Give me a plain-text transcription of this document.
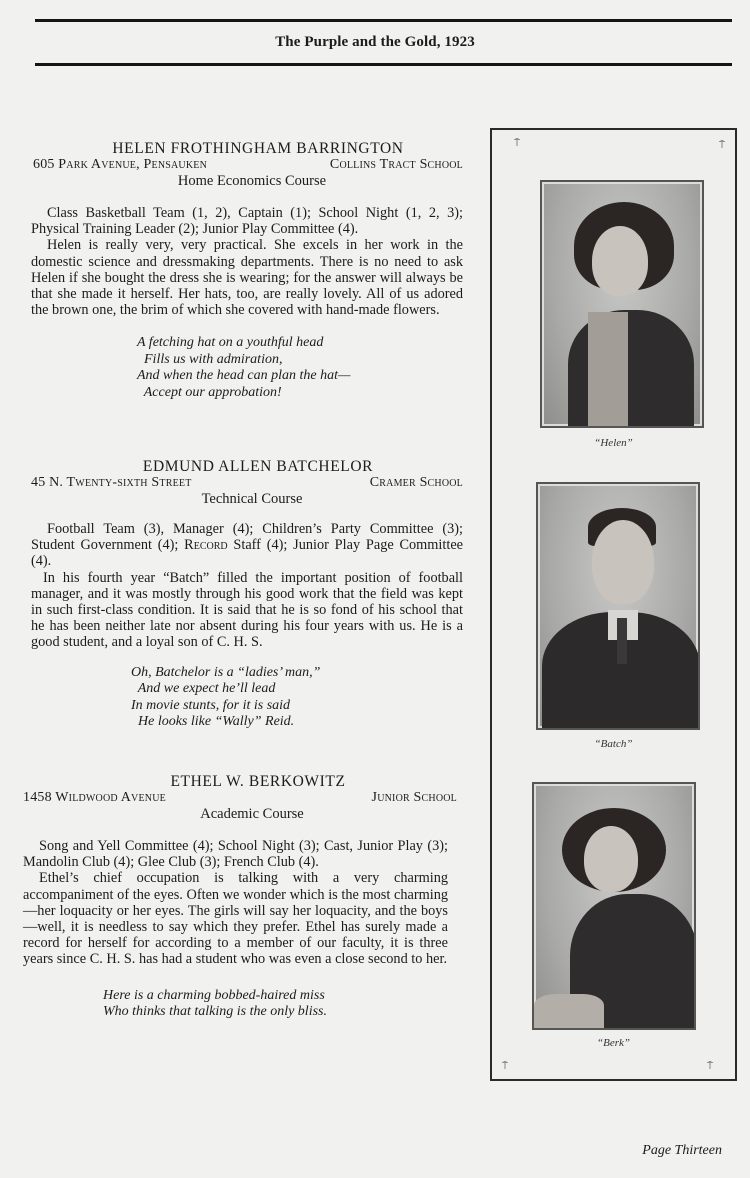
The Purple and the Gold, 1923
HELEN FROTHINGHAM BARRINGTON
605 Park Avenue, Pensauken	Collins Tract School
Home Economics Course

Class Basketball Team (1, 2), Captain (1); School Night (1, 2, 3); Physical Training Leader (2); Junior Play Committee (4).

Helen is really very, very practical. She excels in her work in the domestic science and dressmaking departments. There is no need to ask Helen if she bought the dress she is wearing; for the answer will always be that she made it herself. Her hats, too, are really lovely. All of us adored the brown one, the brim of which she covered with hand-made flowers.

A fetching hat on a youthful head
Fills us with admiration,
And when the head can plan the hat—
Accept our approbation!
EDMUND ALLEN BATCHELOR
45 N. Twenty-sixth Street	Cramer School
Technical Course

Football Team (3), Manager (4); Children’s Party Committee (3); Student Government (4); Record Staff (4); Junior Play Page Committee (4).

In his fourth year “Batch” filled the important position of football manager, and it was mostly through his good work that the field was kept in such first-class condition. It is said that he is so fond of his school that he has been neither late nor absent during his four years with us. He is a good student, and a loyal son of C. H. S.

Oh, Batchelor is a “ladies’ man,”
And we expect he’ll lead
In movie stunts, for it is said
He looks like “Wally” Reid.
ETHEL W. BERKOWITZ
1458 Wildwood Avenue	Junior School
Academic Course

Song and Yell Committee (4); School Night (3); Cast, Junior Play (3); Mandolin Club (4); Glee Club (3); French Club (4).

Ethel’s chief occupation is talking with a very charming accompaniment of the eyes. Often we wonder which is the most charming—her loquacity or her eyes. The girls will say her loquacity, and the boys—well, it is needless to say which they prefer. Ethel has surely made a record for herself for according to a member of our faculty, it is three years since C. H. S. has had a student who was even a close second to her.

Here is a charming bobbed-haired miss
Who thinks that talking is the only bliss.
⍑	⍑
⍑	⍑
“Helen”
“Batch”
“Berk”
Page Thirteen
